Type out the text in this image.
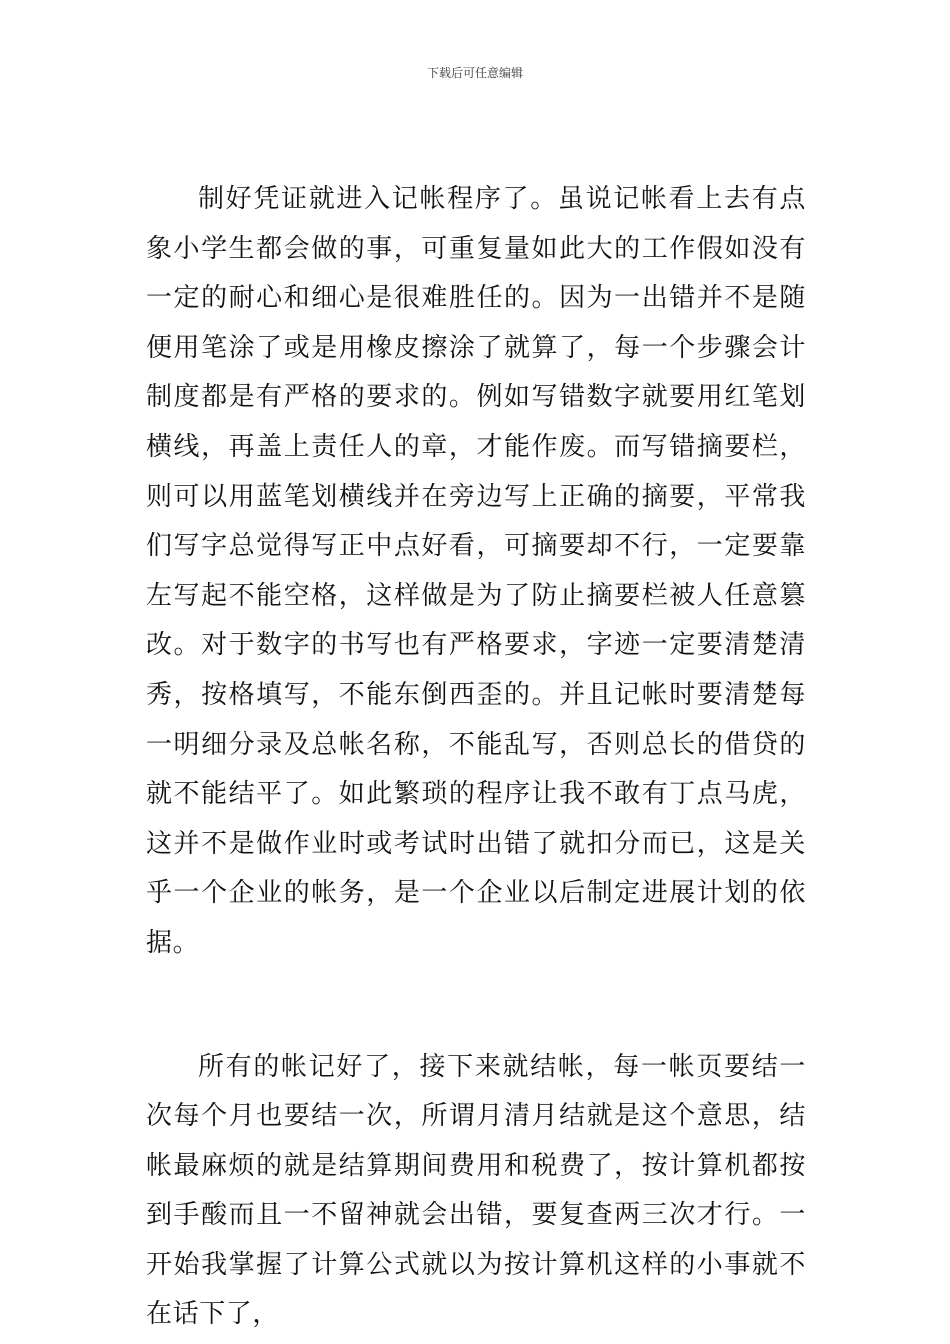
下载后可任意编辑

制好凭证就进入记帐程序了。虽说记帐看上去有点象小学生都会做的事，可重复量如此大的工作假如没有一定的耐心和细心是很难胜任的。因为一出错并不是随便用笔涂了或是用橡皮擦涂了就算了，每一个步骤会计制度都是有严格的要求的。例如写错数字就要用红笔划横线，再盖上责任人的章，才能作废。而写错摘要栏，则可以用蓝笔划横线并在旁边写上正确的摘要，平常我们写字总觉得写正中点好看，可摘要却不行，一定要靠左写起不能空格，这样做是为了防止摘要栏被人任意篡改。对于数字的书写也有严格要求，字迹一定要清楚清秀，按格填写，不能东倒西歪的。并且记帐时要清楚每一明细分录及总帐名称，不能乱写，否则总长的借贷的就不能结平了。如此繁琐的程序让我不敢有丁点马虎，这并不是做作业时或考试时出错了就扣分而已，这是关乎一个企业的帐务，是一个企业以后制定进展计划的依据。

所有的帐记好了，接下来就结帐，每一帐页要结一次每个月也要结一次，所谓月清月结就是这个意思，结帐最麻烦的就是结算期间费用和税费了，按计算机都按到手酸而且一不留神就会出错，要复查两三次才行。一开始我掌握了计算公式就以为按计算机这样的小事就不在话下了，
